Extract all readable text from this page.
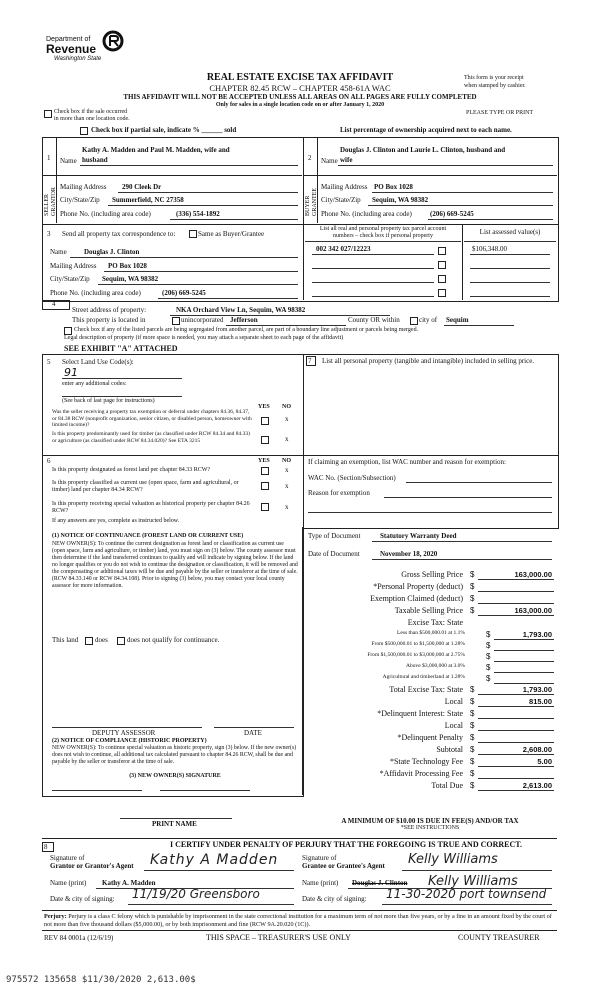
Department of
Revenue
Washington State
REAL ESTATE EXCISE TAX AFFIDAVIT
CHAPTER 82.45 RCW – CHAPTER 458-61A WAC
THIS AFFIDAVIT WILL NOT BE ACCEPTED UNLESS ALL AREAS ON ALL PAGES ARE FULLY COMPLETED
Only for sales in a single location code on or after January 1, 2020
This form is your receipt
when stamped by cashier.
PLEASE TYPE OR PRINT
Check box if the sale occurred
in more than one location code.
Check box if partial sale, indicate % ______ sold	List percentage of ownership acquired next to each name.
1
SELLER GRANTOR
Name
Kathy A. Madden and Paul M. Madden, wife and
husband
Mailing Address 290 Cleek Dr
City/State/Zip Summerfield, NC 27358
Phone No. (including area code)	(336) 554-1892
2
BUYER GRANTEE
Name
Douglas J. Clinton and Laurie L. Clinton, husband and
wife
Mailing Address PO Box 1028
City/State/Zip Sequim, WA 98382
Phone No. (including area code)	(206) 669-5245
3 Send all property tax correspondence to:	Same as Buyer/Grantee
Name Douglas J. Clinton
Mailing Address PO Box 1028
City/State/Zip Sequim, WA 98382
Phone No. (including area code)	(206) 669-5245
List all real and personal property tax parcel account
numbers – check box if personal property	List assessed value(s)
002 342 027/12223	$106,348.00
4
Street address of property:	NKA Orchard View Ln, Sequim, WA 98382
This property is located in	unincorporated Jefferson	County OR within	city of Sequim
Check box if any of the listed parcels are being segregated from another parcel, are part of a boundary line adjustment or parcels being merged.
Legal description of property (if more space is needed, you may attach a separate sheet to each page of the affidavit)
SEE EXHIBIT "A" ATTACHED
5 Select Land Use Code(s):
91
enter any additional codes:
(See back of last page for instructions)
YES NO
Was the seller receiving a property tax exemption or deferral under chapters 84.36, 84.37, or 84.38 RCW (nonprofit organization, senior citizen, or disabled person, homeowner with limited income)?
x
Is this property predominantly used for timber (as classified under RCW 84.34 and 84.33) or agriculture (as classified under RCW 84.34.020)? See ETA 3215	x
7 List all personal property (tangible and intangible) included in selling price.
6	YES NO
Is this property designated as forest land per chapter 84.33 RCW?	x
Is this property classified as current use (open space, farm and agricultural, or timber) land per chapter 84.34 RCW?	x
Is this property receiving special valuation as historical property per chapter 84.26 RCW?	x
If any answers are yes, complete as instructed below.
(1) NOTICE OF CONTINUANCE (FOREST LAND OR CURRENT USE)
NEW OWNER(S): To continue the current designation as forest land or classification as current use (open space, farm and agriculture, or timber) land, you must sign on (3) below. The county assessor must then determine if the land transferred continues to qualify and will indicate by signing below. If the land no longer qualifies or you do not wish to continue the designation or classification, it will be removed and the compensating or additional taxes will be due and payable by the seller or transferor at the time of sale. (RCW 84.33.140 or RCW 84.34.108). Prior to signing (3) below, you may contact your local county assessor for more information.
This land does	does not qualify for continuance.
DEPUTY ASSESSOR	DATE
(2) NOTICE OF COMPLIANCE (HISTORIC PROPERTY)
NEW OWNER(S): To continue special valuation as historic property, sign (3) below. If the new owner(s) does not wish to continue, all additional tax calculated pursuant to chapter 84.26 RCW, shall be due and payable by the seller or transferor at the time of sale.
(3) NEW OWNER(S) SIGNATURE
If claiming an exemption, list WAC number and reason for exemption:
WAC No. (Section/Subsection)
Reason for exemption
Type of Document	Statutory Warranty Deed
Date of Document	November 18, 2020
Gross Selling Price $	163,000.00
*Personal Property (deduct) $
Exemption Claimed (deduct) $
Taxable Selling Price $	163,000.00
Excise Tax: State
Less than $500,000.01 at 1.1%	$	1,793.00
From $500,000.01 to $1,500,000 at 1.28%	$
From $1,500,000.01 to $3,000,000 at 2.75%	$
Above $3,000,000 at 3.0%	$
Agricultural and timberland at 1.28%	$
Total Excise Tax: State $	1,793.00
Local $	815.00
*Delinquent Interest: State $
Local $
*Delinquent Penalty $
Subtotal $	2,608.00
*State Technology Fee $	5.00
*Affidavit Processing Fee $
Total Due $	2,613.00
A MINIMUM OF $10.00 IS DUE IN FEE(S) AND/OR TAX
*SEE INSTRUCTIONS
PRINT NAME
8	I CERTIFY UNDER PENALTY OF PERJURY THAT THE FOREGOING IS TRUE AND CORRECT.
Signature of
Grantor or Grantor's Agent Kathy A Madden
Name (print) Kathy A. Madden
Date & city of signing: 11/19/20 Greensboro
Signature of
Grantee or Grantee's Agent Kelly Williams
Name (print) Douglas J. Clinton Kelly Williams
Date & city of signing: 11-30-2020 port townsend
Perjury: Perjury is a class C felony which is punishable by imprisonment in the state correctional institution for a maximum term of not more than five years, or by a fine in an amount fixed by the court of not more than five thousand dollars ($5,000.00), or by both imprisonment and fine (RCW 9A.20.020 (1C)).
REV 84 0001a (12/6/19)	THIS SPACE – TREASURER'S USE ONLY	COUNTY TREASURER
975572 135658 $11/30/2020 2,613.00$
